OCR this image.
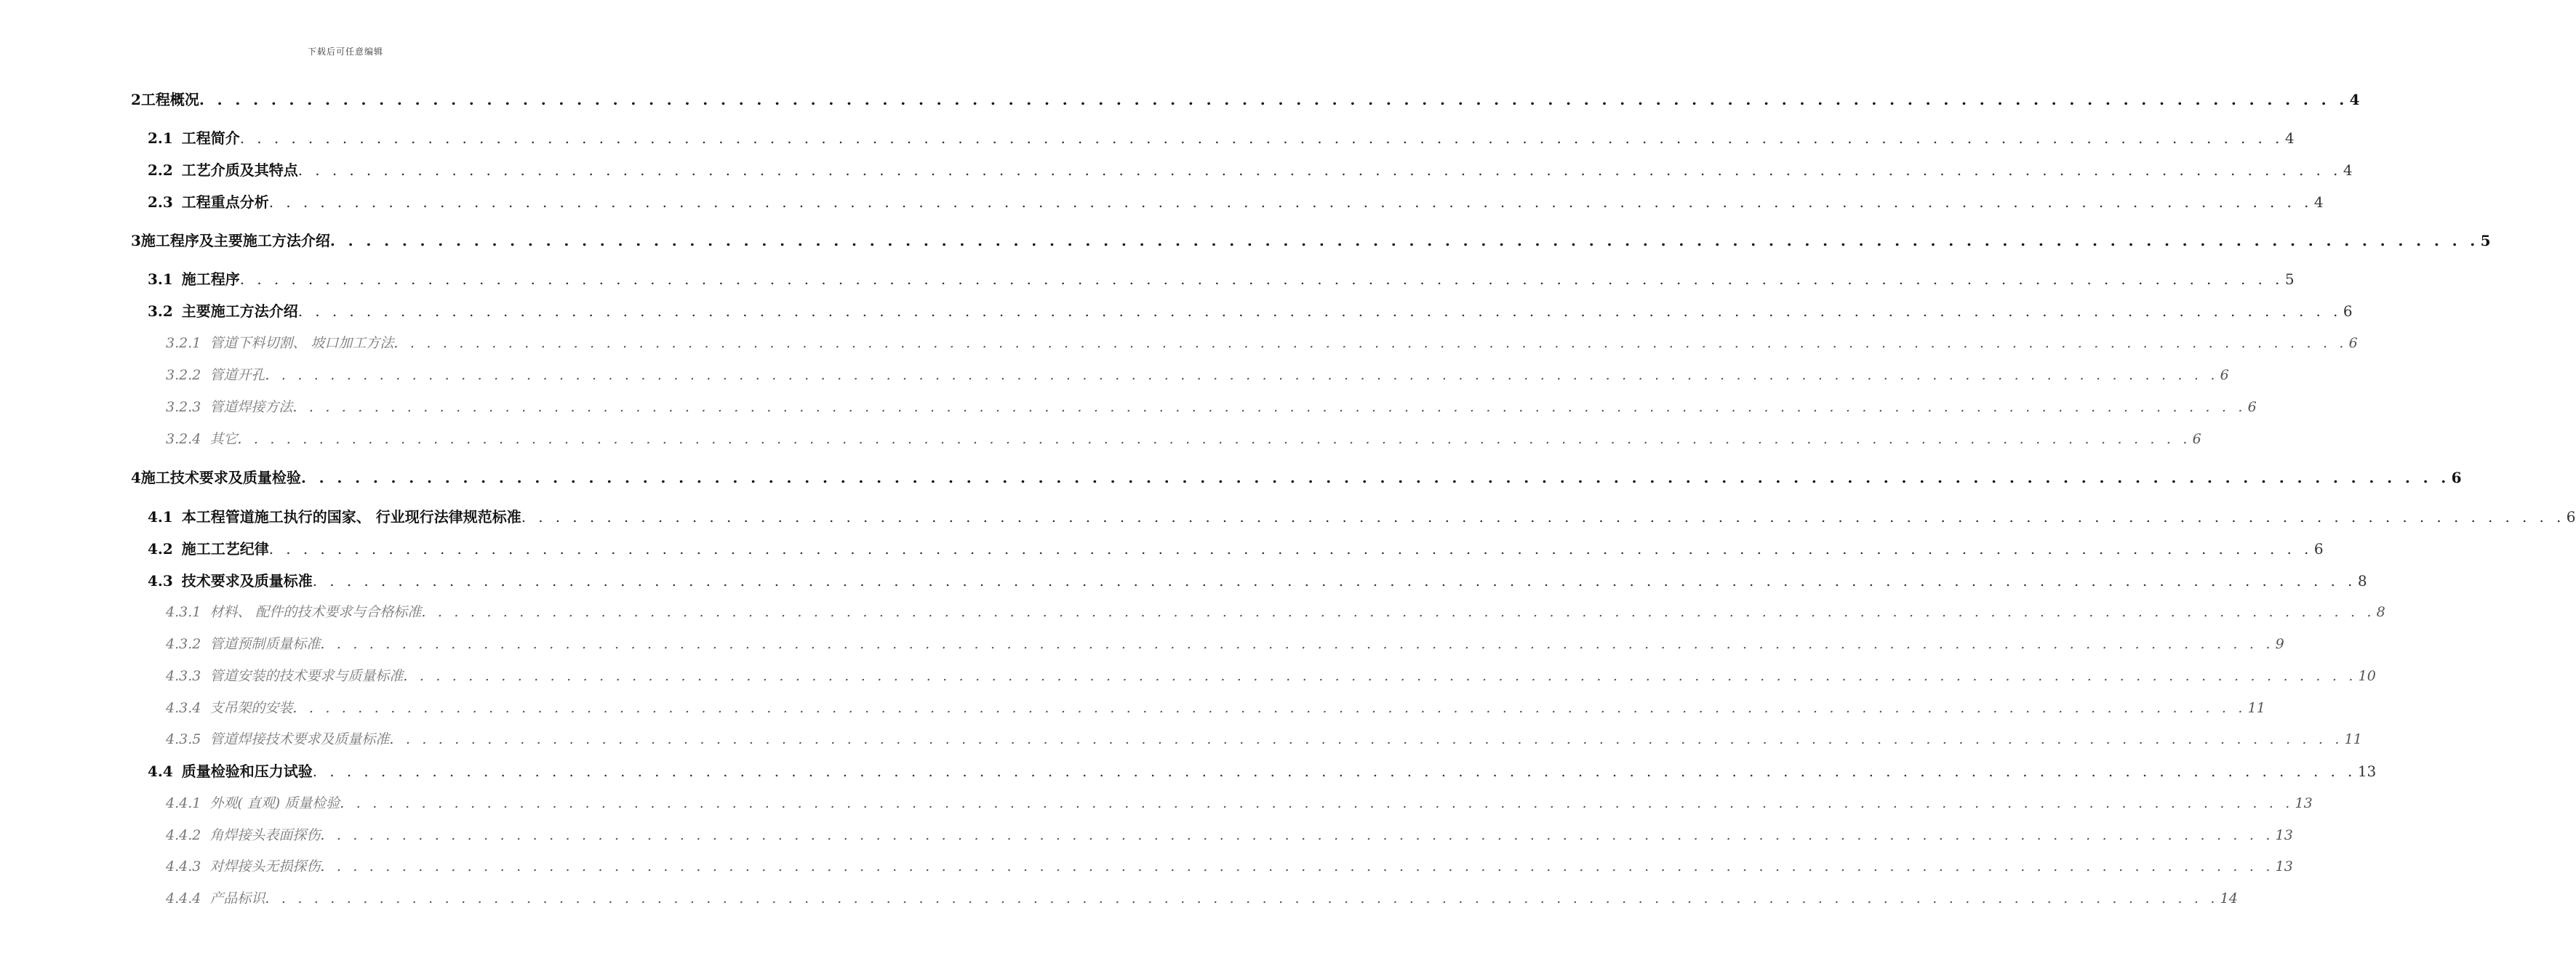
下载后可任意编辑
2 工程概况 . . . . . . . . . . . . . . . . . . . . . . . . . . . . . . . . . . . . . . . . . . . . . . . . . . . . . . . . . . . . . . . . . . . . . . . . . . . . . . . . . . . . . . . . . . . . . . . . . . . . . . . . . . . . . . . . . . . . . . . . 4
2.1 工程简介 . . . . . . . . . . . . . . . . . . . . . . . . . . . . . . . . . . . . . . . . . . . . . . . . . . . . . . . . . . . . . . . . . . . . . . . . . . . . . . . . . . . . . . . . . . . . . . . . . . . . . . . . . . . . . . . . . . . . . . . . 4
2.2 工艺介质及其特点 . . . . . . . . . . . . . . . . . . . . . . . . . . . . . . . . . . . . . . . . . . . . . . . . . . . . . . . . . . . . . . . . . . . . . . . . . . . . . . . . . . . . . . . . . . . . . . . . . . . . . . . . . . . . . . . . . . . . . . . . 4
2.3 工程重点分析 . . . . . . . . . . . . . . . . . . . . . . . . . . . . . . . . . . . . . . . . . . . . . . . . . . . . . . . . . . . . . . . . . . . . . . . . . . . . . . . . . . . . . . . . . . . . . . . . . . . . . . . . . . . . . . . . . . . . . . . . 4
3 施工程序及主要施工方法介绍 . . . . . . . . . . . . . . . . . . . . . . . . . . . . . . . . . . . . . . . . . . . . . . . . . . . . . . . . . . . . . . . . . . . . . . . . . . . . . . . . . . . . . . . . . . . . . . . . . . . . . . . . . . . . . . . . . . . . . . . . 5
3.1 施工程序 . . . . . . . . . . . . . . . . . . . . . . . . . . . . . . . . . . . . . . . . . . . . . . . . . . . . . . . . . . . . . . . . . . . . . . . . . . . . . . . . . . . . . . . . . . . . . . . . . . . . . . . . . . . . . . . . . . . . . . . . 5
3.2 主要施工方法介绍 . . . . . . . . . . . . . . . . . . . . . . . . . . . . . . . . . . . . . . . . . . . . . . . . . . . . . . . . . . . . . . . . . . . . . . . . . . . . . . . . . . . . . . . . . . . . . . . . . . . . . . . . . . . . . . . . . . . . . . . . 6
3.2.1 管道下料切割、 坡口加工方法 . . . . . . . . . . . . . . . . . . . . . . . . . . . . . . . . . . . . . . . . . . . . . . . . . . . . . . . . . . . . . . . . . . . . . . . . . . . . . . . . . . . . . . . . . . . . . . . . . . . . . . . . . . . . . . . . . . . . . . . . 6
3.2.2 管道开孔 . . . . . . . . . . . . . . . . . . . . . . . . . . . . . . . . . . . . . . . . . . . . . . . . . . . . . . . . . . . . . . . . . . . . . . . . . . . . . . . . . . . . . . . . . . . . . . . . . . . . . . . . . . . . . . . . . . . . . . . . 6
3.2.3 管道焊接方法 . . . . . . . . . . . . . . . . . . . . . . . . . . . . . . . . . . . . . . . . . . . . . . . . . . . . . . . . . . . . . . . . . . . . . . . . . . . . . . . . . . . . . . . . . . . . . . . . . . . . . . . . . . . . . . . . . . . . . . . . 6
3.2.4 其它 . . . . . . . . . . . . . . . . . . . . . . . . . . . . . . . . . . . . . . . . . . . . . . . . . . . . . . . . . . . . . . . . . . . . . . . . . . . . . . . . . . . . . . . . . . . . . . . . . . . . . . . . . . . . . . . . . . . . . . . . 6
4 施工技术要求及质量检验 . . . . . . . . . . . . . . . . . . . . . . . . . . . . . . . . . . . . . . . . . . . . . . . . . . . . . . . . . . . . . . . . . . . . . . . . . . . . . . . . . . . . . . . . . . . . . . . . . . . . . . . . . . . . . . . . . . . . . . . . 6
4.1 本工程管道施工执行的国家、 行业现行法律规范标准 . . . . . . . . . . . . . . . . . . . . . . . . . . . . . . . . . . . . . . . . . . . . . . . . . . . . . . . . . . . . . . . . . . . . . . . . . . . . . . . . . . . . . . . . . . . . . . . . . . . . . . . . . . . . . . . . . . . . . . . . 6
4.2 施工工艺纪律 . . . . . . . . . . . . . . . . . . . . . . . . . . . . . . . . . . . . . . . . . . . . . . . . . . . . . . . . . . . . . . . . . . . . . . . . . . . . . . . . . . . . . . . . . . . . . . . . . . . . . . . . . . . . . . . . . . . . . . . . 6
4.3 技术要求及质量标准 . . . . . . . . . . . . . . . . . . . . . . . . . . . . . . . . . . . . . . . . . . . . . . . . . . . . . . . . . . . . . . . . . . . . . . . . . . . . . . . . . . . . . . . . . . . . . . . . . . . . . . . . . . . . . . . . . . . . . . . . 8
4.3.1 材料、 配件的技术要求与合格标准 . . . . . . . . . . . . . . . . . . . . . . . . . . . . . . . . . . . . . . . . . . . . . . . . . . . . . . . . . . . . . . . . . . . . . . . . . . . . . . . . . . . . . . . . . . . . . . . . . . . . . . . . . . . . . . . . . . . . . . . . 8
4.3.2 管道预制质量标准 . . . . . . . . . . . . . . . . . . . . . . . . . . . . . . . . . . . . . . . . . . . . . . . . . . . . . . . . . . . . . . . . . . . . . . . . . . . . . . . . . . . . . . . . . . . . . . . . . . . . . . . . . . . . . . . . . . . . . . . . 9
4.3.3 管道安装的技术要求与质量标准 . . . . . . . . . . . . . . . . . . . . . . . . . . . . . . . . . . . . . . . . . . . . . . . . . . . . . . . . . . . . . . . . . . . . . . . . . . . . . . . . . . . . . . . . . . . . . . . . . . . . . . . . . . . . . . . . . . . . . . . . 10
4.3.4 支吊架的安装 . . . . . . . . . . . . . . . . . . . . . . . . . . . . . . . . . . . . . . . . . . . . . . . . . . . . . . . . . . . . . . . . . . . . . . . . . . . . . . . . . . . . . . . . . . . . . . . . . . . . . . . . . . . . . . . . . . . . . . . . 11
4.3.5 管道焊接技术要求及质量标准 . . . . . . . . . . . . . . . . . . . . . . . . . . . . . . . . . . . . . . . . . . . . . . . . . . . . . . . . . . . . . . . . . . . . . . . . . . . . . . . . . . . . . . . . . . . . . . . . . . . . . . . . . . . . . . . . . . . . . . . . 11
4.4 质量检验和压力试验 . . . . . . . . . . . . . . . . . . . . . . . . . . . . . . . . . . . . . . . . . . . . . . . . . . . . . . . . . . . . . . . . . . . . . . . . . . . . . . . . . . . . . . . . . . . . . . . . . . . . . . . . . . . . . . . . . . . . . . . . 13
4.4.1 外观( 直观) 质量检验 . . . . . . . . . . . . . . . . . . . . . . . . . . . . . . . . . . . . . . . . . . . . . . . . . . . . . . . . . . . . . . . . . . . . . . . . . . . . . . . . . . . . . . . . . . . . . . . . . . . . . . . . . . . . . . . . . . . . . . . . 13
4.4.2 角焊接头表面探伤 . . . . . . . . . . . . . . . . . . . . . . . . . . . . . . . . . . . . . . . . . . . . . . . . . . . . . . . . . . . . . . . . . . . . . . . . . . . . . . . . . . . . . . . . . . . . . . . . . . . . . . . . . . . . . . . . . . . . . . . . 13
4.4.3 对焊接头无损探伤 . . . . . . . . . . . . . . . . . . . . . . . . . . . . . . . . . . . . . . . . . . . . . . . . . . . . . . . . . . . . . . . . . . . . . . . . . . . . . . . . . . . . . . . . . . . . . . . . . . . . . . . . . . . . . . . . . . . . . . . . 13
4.4.4 产品标识 . . . . . . . . . . . . . . . . . . . . . . . . . . . . . . . . . . . . . . . . . . . . . . . . . . . . . . . . . . . . . . . . . . . . . . . . . . . . . . . . . . . . . . . . . . . . . . . . . . . . . . . . . . . . . . . . . . . . . . . . 14
